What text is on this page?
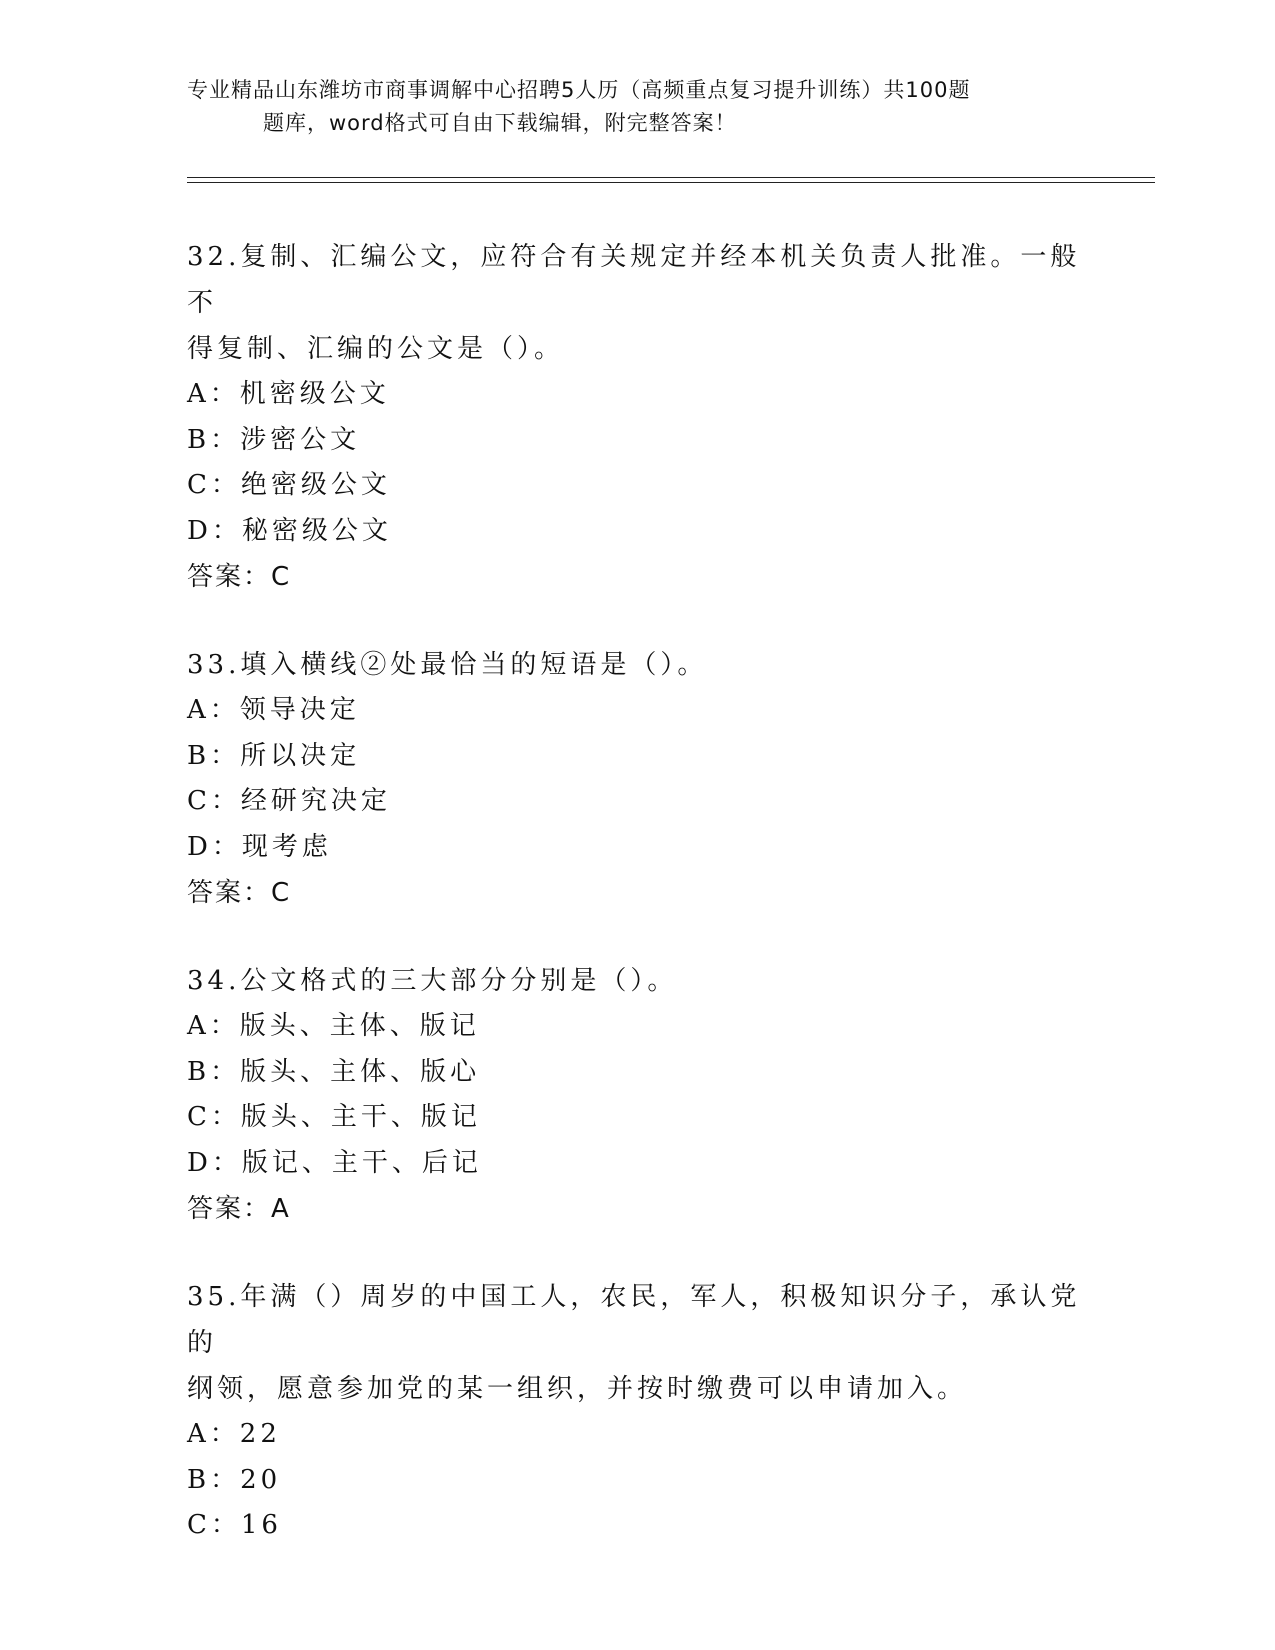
专业精品山东潍坊市商事调解中心招聘5人历（高频重点复习提升训练）共100题
题库，word格式可自由下载编辑，附完整答案！

32.复制、汇编公文，应符合有关规定并经本机关负责人批准。一般不
得复制、汇编的公文是（）。

A：机密级公文

B：涉密公文

C：绝密级公文

D：秘密级公文

答案：C

33.填入横线②处最恰当的短语是（）。

A：领导决定

B：所以决定

C：经研究决定

D：现考虑

答案：C

34.公文格式的三大部分分别是（）。

A：版头、主体、版记

B：版头、主体、版心

C：版头、主干、版记

D：版记、主干、后记

答案：A

35.年满（）周岁的中国工人，农民，军人，积极知识分子，承认党的
纲领，愿意参加党的某一组织，并按时缴费可以申请加入。

A：22

B：20

C：16
